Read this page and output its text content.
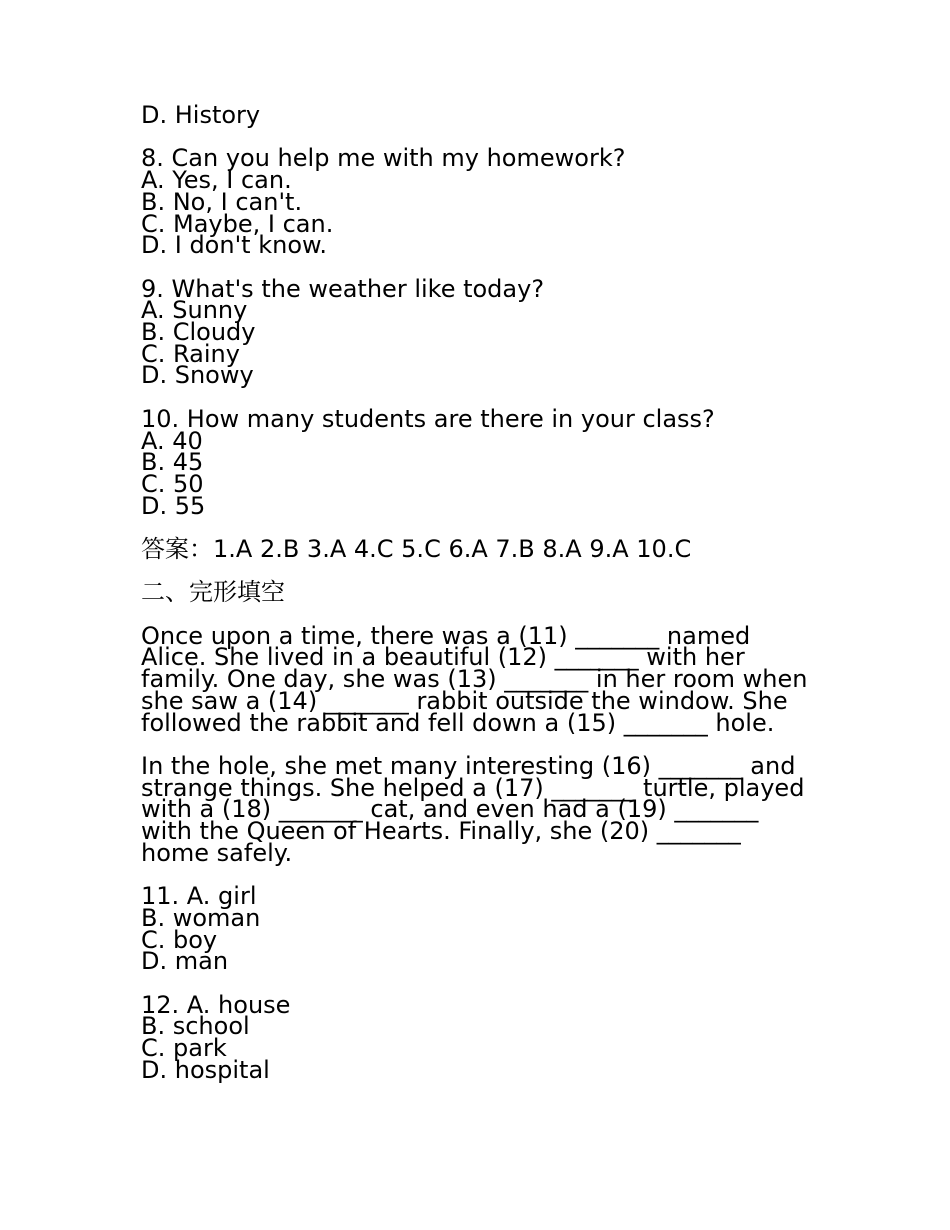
D. History
8. Can you help me with my homework?
A. Yes, I can.
B. No, I can't.
C. Maybe, I can.
D. I don't know.
9. What's the weather like today?
A. Sunny
B. Cloudy
C. Rainy
D. Snowy
10. How many students are there in your class?
A. 40
B. 45
C. 50
D. 55
答案：1.A 2.B 3.A 4.C 5.C 6.A 7.B 8.A 9.A 10.C
二、完形填空
Once upon a time, there was a (11) _______ named Alice. She lived in a beautiful (12) _______ with her family. One day, she was (13) _______ in her room when she saw a (14) _______ rabbit outside the window. She followed the rabbit and fell down a (15) _______ hole.
In the hole, she met many interesting (16) _______ and strange things. She helped a (17) _______ turtle, played with a (18) _______ cat, and even had a (19) _______ with the Queen of Hearts. Finally, she (20) _______ home safely.
11. A. girl
B. woman
C. boy
D. man
12. A. house
B. school
C. park
D. hospital
